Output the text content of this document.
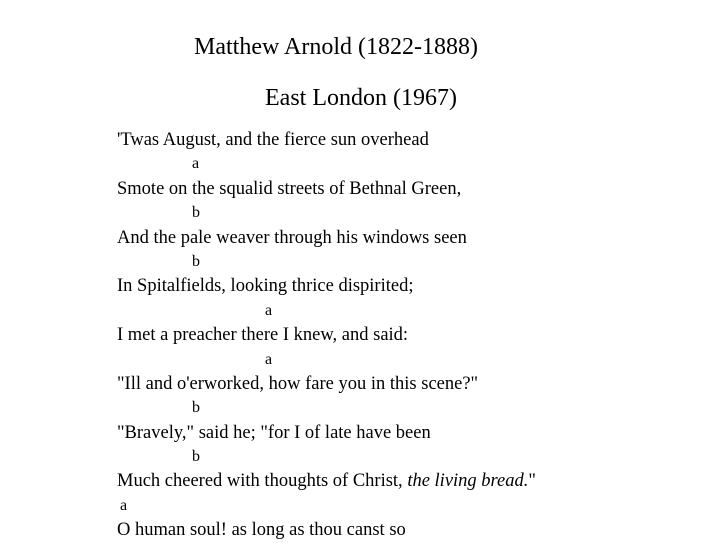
Matthew Arnold (1822-1888)
East London (1967)
'Twas August, and the fierce sun overhead
a
Smote on the squalid streets of Bethnal Green,
b
And the pale weaver through his windows seen
b
In Spitalfields, looking thrice dispirited;
a
I met a preacher there I knew, and said:
a
"Ill and o'erworked, how fare you in this scene?"
b
"Bravely," said he; "for I of late have been
b
Much cheered with thoughts of Christ, the living bread."
a
O human soul! as long as thou canst so
